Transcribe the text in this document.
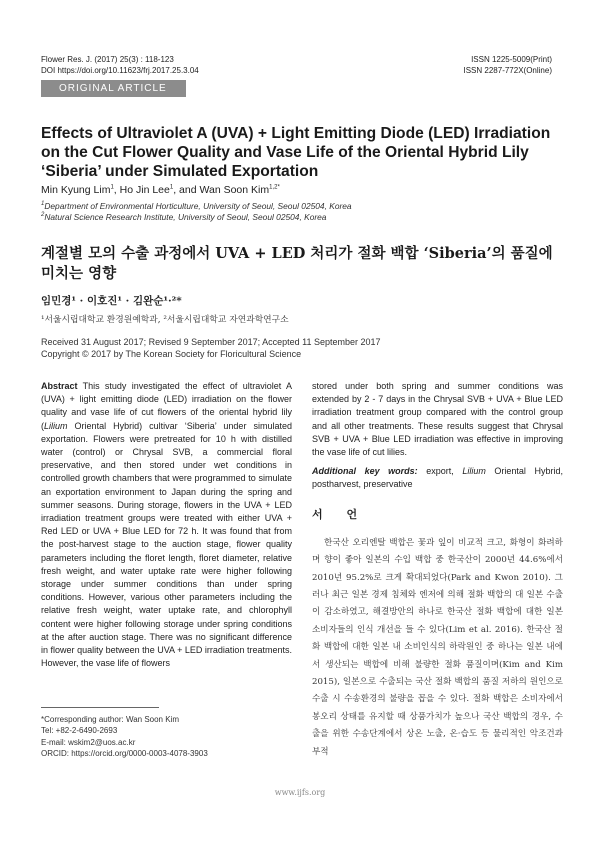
Flower Res. J. (2017) 25(3) : 118-123
DOI https://doi.org/10.11623/frj.2017.25.3.04
ISSN 1225-5009(Print)
ISSN 2287-772X(Online)
ORIGINAL ARTICLE
Effects of Ultraviolet A (UVA) + Light Emitting Diode (LED) Irradiation on the Cut Flower Quality and Vase Life of the Oriental Hybrid Lily ‘Siberia’ under Simulated Exportation
Min Kyung Lim$^1$, Ho Jin Lee$^1$, and Wan Soon Kim$^{1,2*}$
$^1$Department of Environmental Horticulture, University of Seoul, Seoul 02504, Korea
$^2$Natural Science Research Institute, University of Seoul, Seoul 02504, Korea
계절별 모의 수출 과정에서 UVA + LED 처리가 절화 백합 ‘Siberia’의 품질에 미치는 영향
임민경¹ · 이호진¹ · 김완순¹·²*
¹서울시립대학교 환경원예학과, ²서울시립대학교 자연과학연구소
Received 31 August 2017; Revised 9 September 2017; Accepted 11 September 2017
Copyright © 2017 by The Korean Society for Floricultural Science
Abstract This study investigated the effect of ultraviolet A (UVA) + light emitting diode (LED) irradiation on the flower quality and vase life of cut flowers of the oriental hybrid lily (Lilium Oriental Hybrid) cultivar ‘Siberia’ under simulated exportation. Flowers were pretreated for 10 h with distilled water (control) or Chrysal SVB, a commercial floral preservative, and then stored under wet conditions in controlled growth chambers that were programmed to simulate an exportation environment to Japan during the spring and summer seasons. During storage, flowers in the UVA + LED irradiation treatment groups were treated with either UVA + Red LED or UVA + Blue LED for 72 h. It was found that from the post-harvest stage to the auction stage, flower quality parameters including the floret length, floret diameter, relative fresh weight, and water uptake rate were higher following storage under summer conditions than under spring conditions. However, various other parameters including the relative fresh weight, water uptake rate, and chlorophyll content were higher following storage under spring conditions at the after auction stage. There was no significant difference in flower quality between the UVA + LED irradiation treatments. However, the vase life of flowers
stored under both spring and summer conditions was extended by 2 - 7 days in the Chrysal SVB + UVA + Blue LED irradiation treatment group compared with the control group and all other treatments. These results suggest that Chrysal SVB + UVA + Blue LED irradiation was effective in improving the vase life of cut lilies.
Additional key words: export, Lilium Oriental Hybrid, postharvest, preservative
서 언
한국산 오리엔탈 백합은 꽃과 잎이 비교적 크고, 화형이 화려하며 향이 좋아 일본의 수입 백합 중 한국산이 2000년 44.6%에서 2010년 95.2%로 크게 확대되었다(Park and Kwon 2010). 그러나 최근 일본 경제 침체와 엔저에 의해 절화 백합의 대 일본 수출이 감소하였고, 해결방안의 하나로 한국산 절화 백합에 대한 일본 소비자들의 인식 개선을 들 수 있다(Lim et al. 2016). 한국산 절화 백합에 대한 일본 내 소비인식의 하락원인 중 하나는 일본 내에서 생산되는 백합에 비해 불량한 절화 품질이며(Kim and Kim 2015), 일본으로 수출되는 국산 절화 백합의 품질 저하의 원인으로 수출 시 수송환경의 불량을 꼽을 수 있다. 절화 백합은 소비자에서 봉오리 상태를 유지할 때 상품가치가 높으나 국산 백합의 경우, 수출을 위한 수송단계에서 상온 노출, 온·습도 등 물리적인 악조건과 부적
*Corresponding author: Wan Soon Kim
Tel: +82-2-6490-2693
E-mail: wskim2@uos.ac.kr
ORCID: https://orcid.org/0000-0003-4078-3903
www.ijfs.org
